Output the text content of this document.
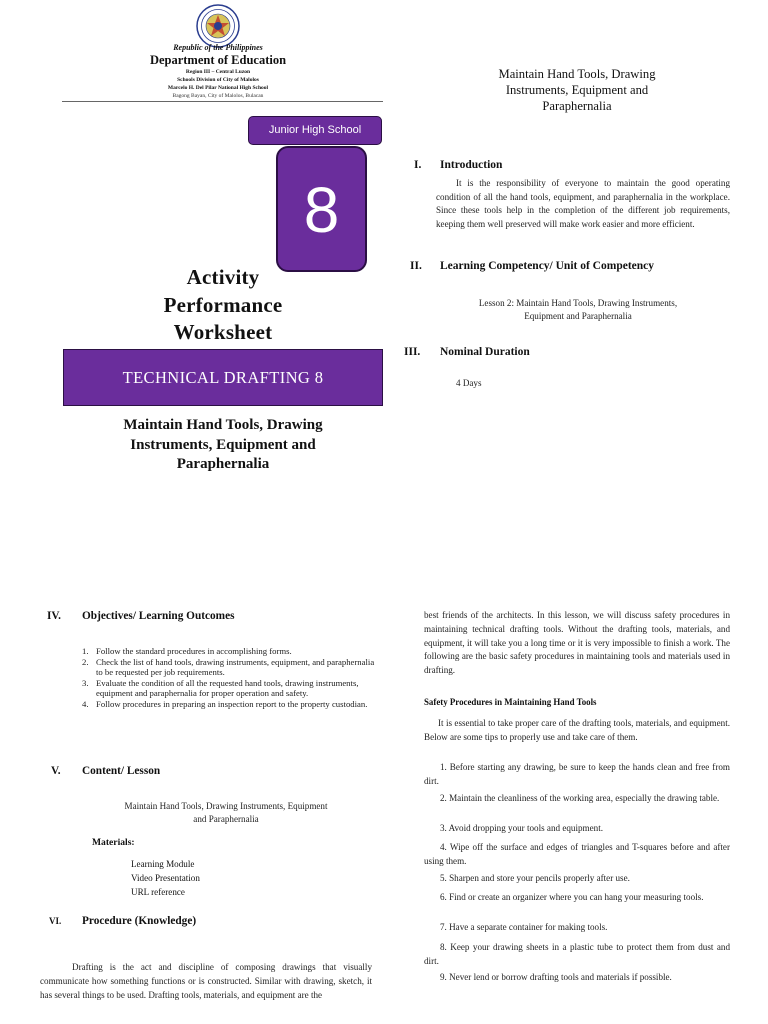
Republic of the Philippines
Department of Education
Region III – Central Luzon
Schools Division of City of Malolos
Marcelo H. Del Pilar National High School
Bagong Bayan, City of Malolos, Bulacan
Junior High School
8
Activity
Performance
Worksheet
TECHNICAL DRAFTING 8
Maintain Hand Tools, Drawing
Instruments, Equipment and
Paraphernalia
Maintain Hand Tools, Drawing
Instruments, Equipment and
Paraphernalia
I. Introduction
It is the responsibility of everyone to maintain the good operating condition of all the hand tools, equipment, and paraphernalia in the workplace. Since these tools help in the completion of the different job requirements, keeping them well preserved will make work easier and more efficient.
II. Learning Competency/ Unit of Competency
Lesson 2: Maintain Hand Tools, Drawing Instruments,
Equipment and Paraphernalia
III. Nominal Duration
4 Days
IV. Objectives/ Learning Outcomes
1. Follow the standard procedures in accomplishing forms.
2. Check the list of hand tools, drawing instruments, equipment, and paraphernalia to be requested per job requirements.
3. Evaluate the condition of all the requested hand tools, drawing instruments, equipment and paraphernalia for proper operation and safety.
4. Follow procedures in preparing an inspection report to the property custodian.
V. Content/ Lesson
Maintain Hand Tools, Drawing Instruments, Equipment
and Paraphernalia
Materials:
Learning Module
Video Presentation
URL reference
VI. Procedure (Knowledge)
Drafting is the act and discipline of composing drawings that visually communicate how something functions or is constructed. Similar with drawing, sketch, it has several things to be used. Drafting tools, materials, and equipment are the
best friends of the architects. In this lesson, we will discuss safety procedures in maintaining technical drafting tools. Without the drafting tools, materials, and equipment, it will take you a long time or it is very impossible to finish a work. The following are the basic safety procedures in maintaining tools and materials used in drafting.
Safety Procedures in Maintaining Hand Tools
It is essential to take proper care of the drafting tools, materials, and equipment. Below are some tips to properly use and take care of them.
1. Before starting any drawing, be sure to keep the hands clean and free from dirt.
2. Maintain the cleanliness of the working area, especially the drawing table.
3. Avoid dropping your tools and equipment.
4. Wipe off the surface and edges of triangles and T-squares before and after using them.
5. Sharpen and store your pencils properly after use.
6. Find or create an organizer where you can hang your measuring tools.
7. Have a separate container for making tools.
8. Keep your drawing sheets in a plastic tube to protect them from dust and dirt.
9. Never lend or borrow drafting tools and materials if possible.
